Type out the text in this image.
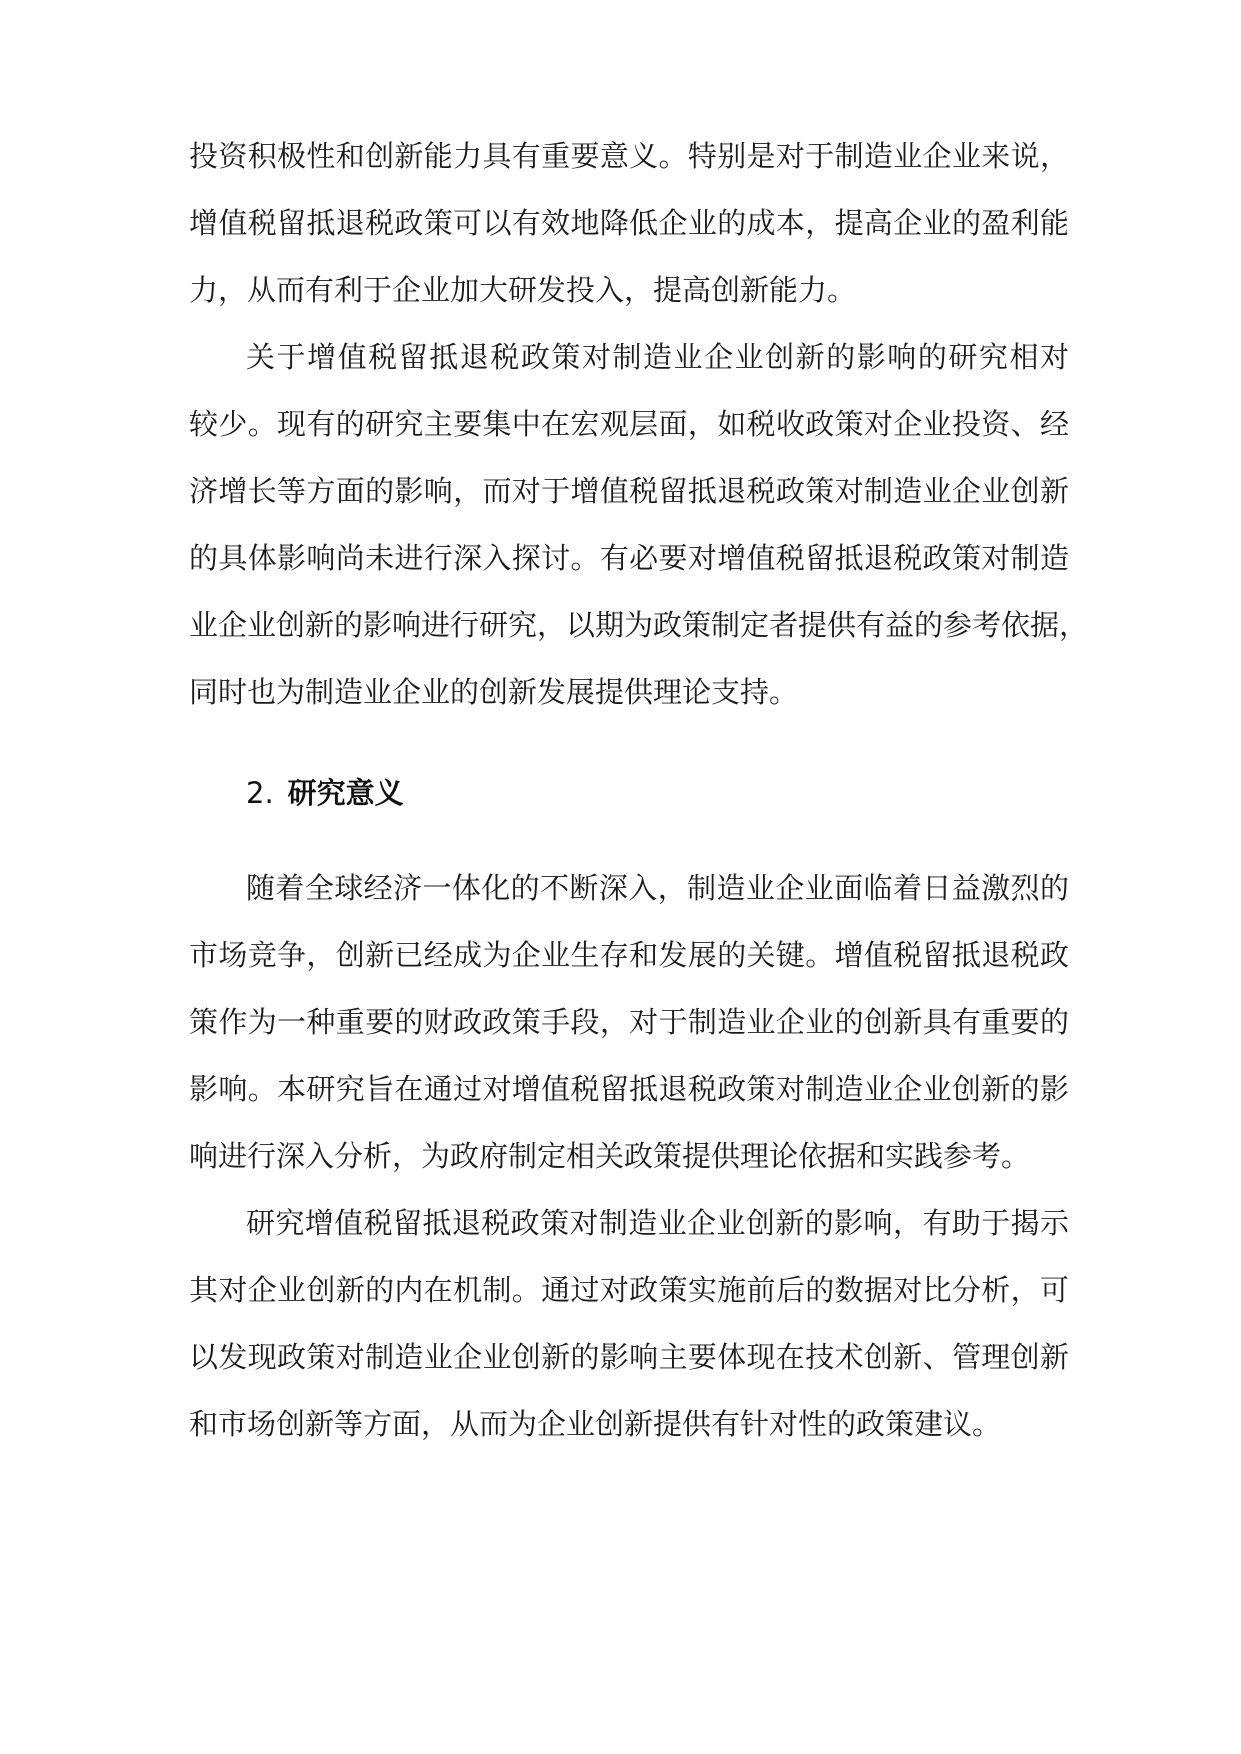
投资积极性和创新能力具有重要意义。特别是对于制造业企业来说，
增值税留抵退税政策可以有效地降低企业的成本，提高企业的盈利能
力，从而有利于企业加大研发投入，提高创新能力。
关于增值税留抵退税政策对制造业企业创新的影响的研究相对
较少。现有的研究主要集中在宏观层面，如税收政策对企业投资、经
济增长等方面的影响，而对于增值税留抵退税政策对制造业企业创新
的具体影响尚未进行深入探讨。有必要对增值税留抵退税政策对制造
业企业创新的影响进行研究，以期为政策制定者提供有益的参考依据，
同时也为制造业企业的创新发展提供理论支持。
2. 研究意义
随着全球经济一体化的不断深入，制造业企业面临着日益激烈的
市场竞争，创新已经成为企业生存和发展的关键。增值税留抵退税政
策作为一种重要的财政政策手段，对于制造业企业的创新具有重要的
影响。本研究旨在通过对增值税留抵退税政策对制造业企业创新的影
响进行深入分析，为政府制定相关政策提供理论依据和实践参考。
研究增值税留抵退税政策对制造业企业创新的影响，有助于揭示
其对企业创新的内在机制。通过对政策实施前后的数据对比分析，可
以发现政策对制造业企业创新的影响主要体现在技术创新、管理创新
和市场创新等方面，从而为企业创新提供有针对性的政策建议。
